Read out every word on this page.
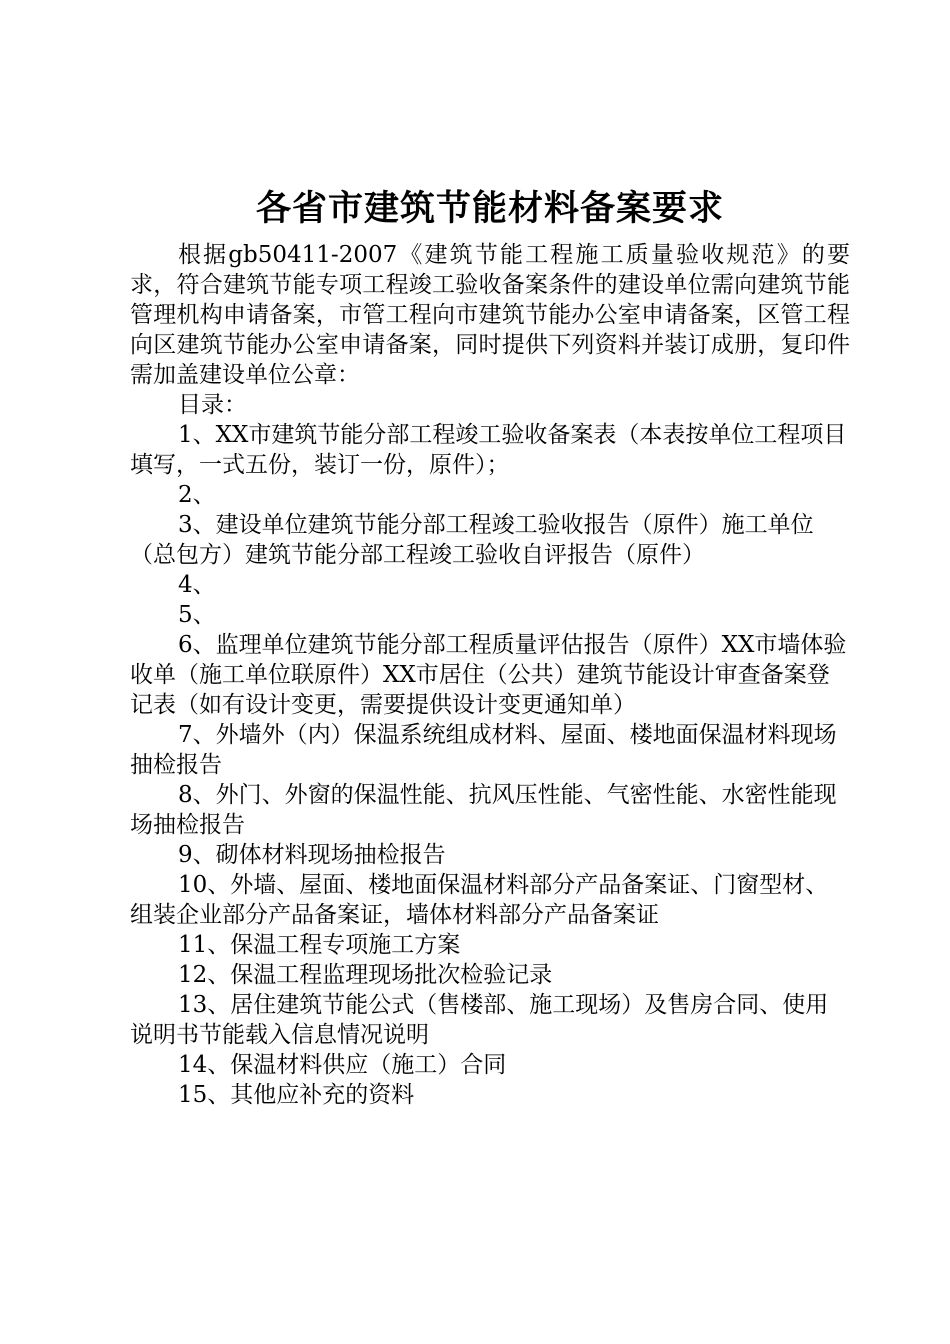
各省市建筑节能材料备案要求

根据gb50411-2007《建筑节能工程施工质量验收规范》的要求，符合建筑节能专项工程竣工验收备案条件的建设单位需向建筑节能管理机构申请备案，市管工程向市建筑节能办公室申请备案，区管工程向区建筑节能办公室申请备案，同时提供下列资料并装订成册，复印件需加盖建设单位公章：

目录：

1、XX市建筑节能分部工程竣工验收备案表（本表按单位工程项目填写，一式五份，装订一份，原件）；
2、
3、建设单位建筑节能分部工程竣工验收报告（原件）施工单位（总包方）建筑节能分部工程竣工验收自评报告（原件）
4、
5、
6、监理单位建筑节能分部工程质量评估报告（原件）XX市墙体验收单（施工单位联原件）XX市居住（公共）建筑节能设计审查备案登记表（如有设计变更，需要提供设计变更通知单）
7、外墙外（内）保温系统组成材料、屋面、楼地面保温材料现场抽检报告
8、外门、外窗的保温性能、抗风压性能、气密性能、水密性能现场抽检报告
9、砌体材料现场抽检报告
10、外墙、屋面、楼地面保温材料部分产品备案证、门窗型材、组装企业部分产品备案证，墙体材料部分产品备案证
11、保温工程专项施工方案
12、保温工程监理现场批次检验记录
13、居住建筑节能公式（售楼部、施工现场）及售房合同、使用说明书节能载入信息情况说明
14、保温材料供应（施工）合同
15、其他应补充的资料
